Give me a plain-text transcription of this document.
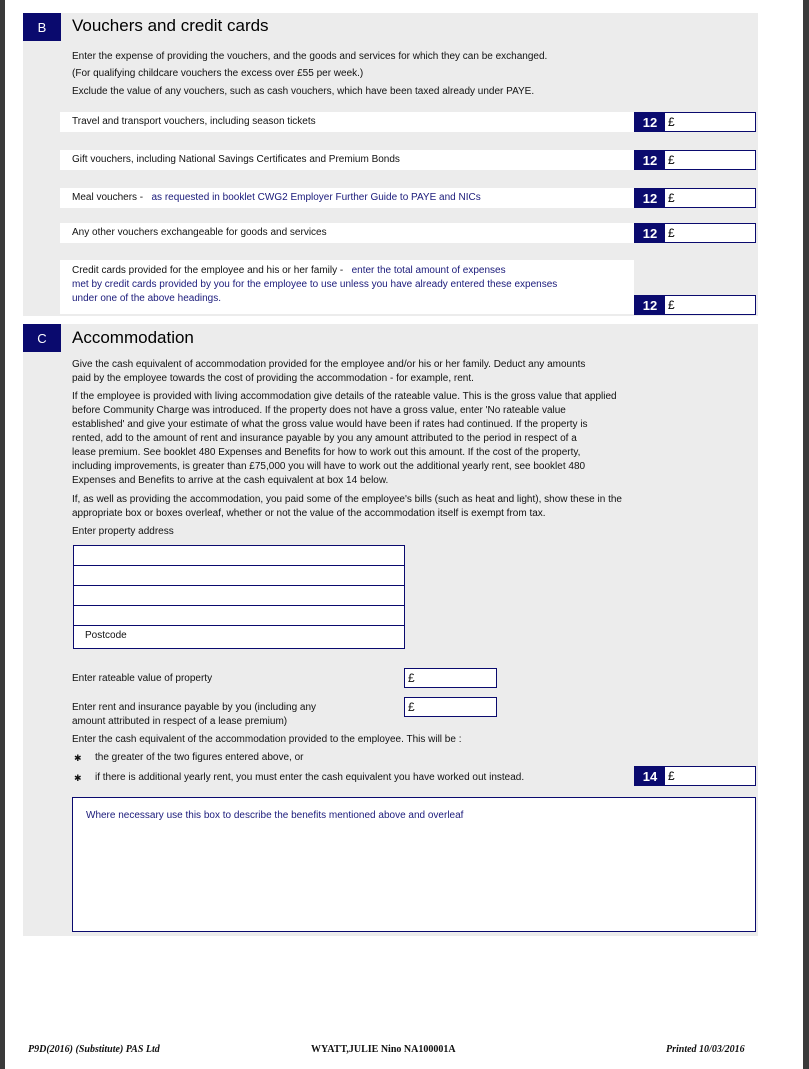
B	Vouchers and credit cards
Enter the expense of providing the vouchers, and the goods and services for which they can be exchanged.
(For qualifying childcare vouchers the excess over £55 per week.)
Exclude the value of any vouchers, such as cash vouchers, which have been taxed already under PAYE.
Travel and transport vouchers, including season tickets	12 £
Gift vouchers, including National Savings Certificates and Premium Bonds	12 £
Meal vouchers - as requested in booklet CWG2 Employer Further Guide to PAYE and NICs	12 £
Any other vouchers exchangeable for goods and services	12 £
Credit cards provided for the employee and his or her family - enter the total amount of expenses
met by credit cards provided by you for the employee to use unless you have already entered these expenses
under one of the above headings.	12 £
C	Accommodation
Give the cash equivalent of accommodation provided for the employee and/or his or her family. Deduct any amounts
paid by the employee towards the cost of providing the accommodation - for example, rent.
If the employee is provided with living accommodation give details of the rateable value. This is the gross value that applied
before Community Charge was introduced. If the property does not have a gross value, enter 'No rateable value
established' and give your estimate of what the gross value would have been if rates had continued. If the property is
rented, add to the amount of rent and insurance payable by you any amount attributed to the period in respect of a
lease premium. See booklet 480 Expenses and Benefits for how to work out this amount. If the cost of the property,
including improvements, is greater than £75,000 you will have to work out the additional yearly rent, see booklet 480
Expenses and Benefits to arrive at the cash equivalent at box 14 below.
If, as well as providing the accommodation, you paid some of the employee's bills (such as heat and light), show these in the
appropriate box or boxes overleaf, whether or not the value of the accommodation itself is exempt from tax.
Enter property address
Postcode
Enter rateable value of property	£
Enter rent and insurance payable by you (including any
amount attributed in respect of a lease premium)
£
Enter the cash equivalent of the accommodation provided to the employee. This will be :
✱ the greater of the two figures entered above, or
✱ if there is additional yearly rent, you must enter the cash equivalent you have worked out instead.	14 £
Where necessary use this box to describe the benefits mentioned above and overleaf
P9D(2016) (Substitute) PAS Ltd	WYATT,JULIE Nino NA100001A	Printed 10/03/2016
